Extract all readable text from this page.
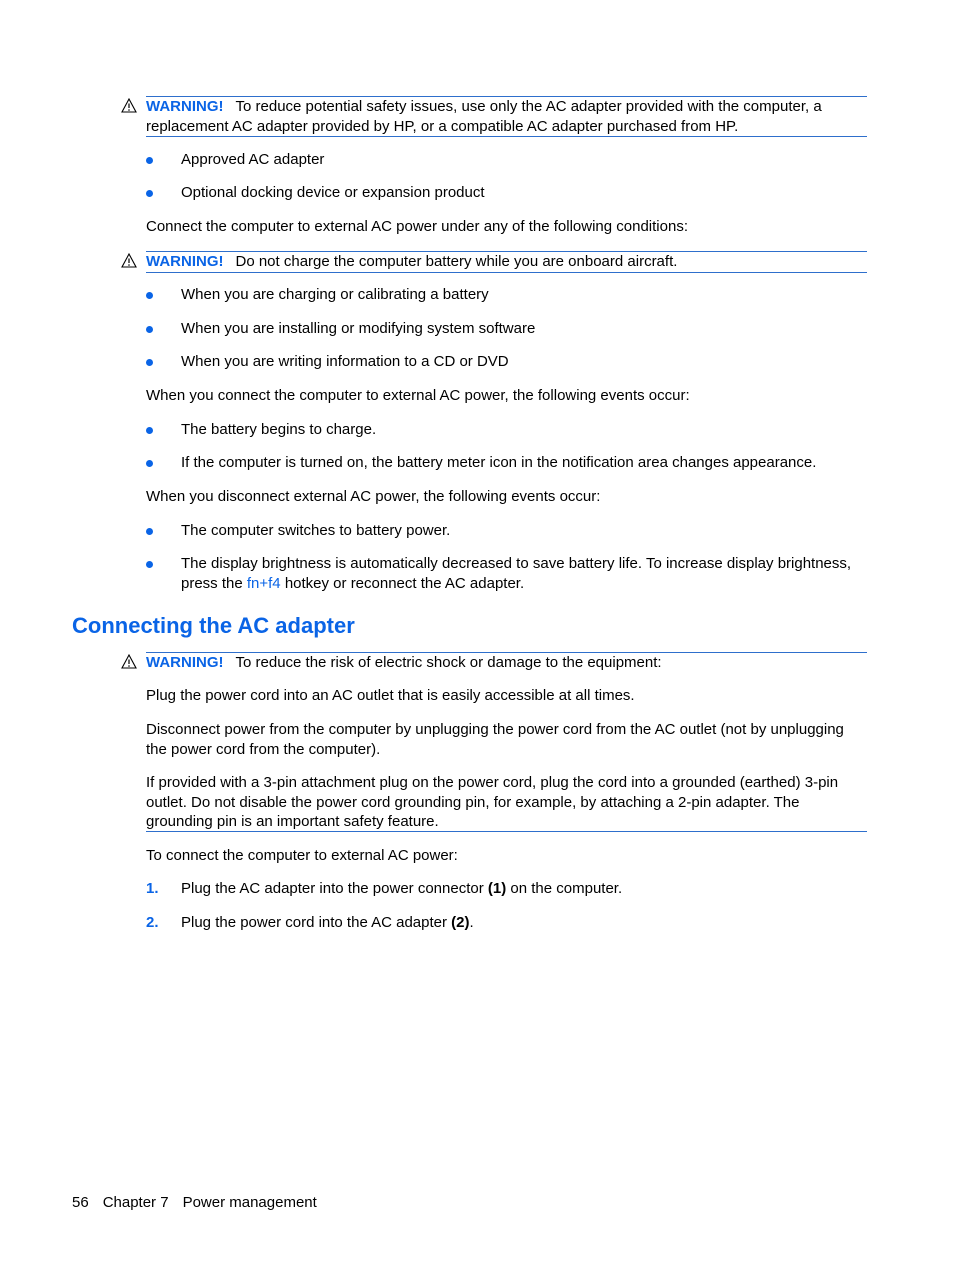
WARNING! To reduce potential safety issues, use only the AC adapter provided with the computer, a replacement AC adapter provided by HP, or a compatible AC adapter purchased from HP.
Approved AC adapter
Optional docking device or expansion product
Connect the computer to external AC power under any of the following conditions:
WARNING! Do not charge the computer battery while you are onboard aircraft.
When you are charging or calibrating a battery
When you are installing or modifying system software
When you are writing information to a CD or DVD
When you connect the computer to external AC power, the following events occur:
The battery begins to charge.
If the computer is turned on, the battery meter icon in the notification area changes appearance.
When you disconnect external AC power, the following events occur:
The computer switches to battery power.
The display brightness is automatically decreased to save battery life. To increase display brightness, press the fn+f4 hotkey or reconnect the AC adapter.
Connecting the AC adapter
WARNING! To reduce the risk of electric shock or damage to the equipment:
Plug the power cord into an AC outlet that is easily accessible at all times.
Disconnect power from the computer by unplugging the power cord from the AC outlet (not by unplugging the power cord from the computer).
If provided with a 3-pin attachment plug on the power cord, plug the cord into a grounded (earthed) 3-pin outlet. Do not disable the power cord grounding pin, for example, by attaching a 2-pin adapter. The grounding pin is an important safety feature.
To connect the computer to external AC power:
1. Plug the AC adapter into the power connector (1) on the computer.
2. Plug the power cord into the AC adapter (2).
56 Chapter 7 Power management
